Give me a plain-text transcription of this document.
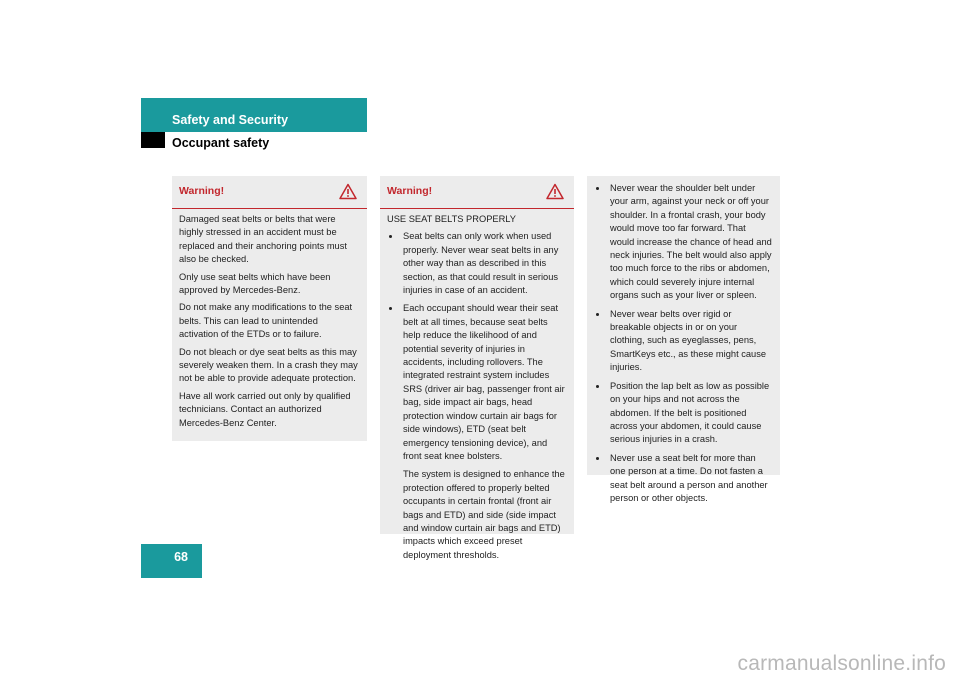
Safety and Security
Occupant safety
68
Warning!

Damaged seat belts or belts that were highly stressed in an accident must be replaced and their anchoring points must also be checked.

Only use seat belts which have been approved by Mercedes-Benz.

Do not make any modifications to the seat belts. This can lead to unintended activation of the ETDs or to failure.

Do not bleach or dye seat belts as this may severely weaken them. In a crash they may not be able to provide adequate protection.

Have all work carried out only by qualified technicians. Contact an authorized Mercedes-Benz Center.

Warning!

USE SEAT BELTS PROPERLY

Seat belts can only work when used properly. Never wear seat belts in any other way than as described in this section, as that could result in serious injuries in case of an accident.
Each occupant should wear their seat belt at all times, because seat belts help reduce the likelihood of and potential severity of injuries in accidents, including rollovers. The integrated restraint system includes SRS (driver air bag, passenger front air bag, side impact air bags, head protection window curtain air bags for side windows), ETD (seat belt emergency tensioning device), and front seat knee bolsters.

The system is designed to enhance the protection offered to properly belted occupants in certain frontal (front air bags and ETD) and side (side impact and window curtain air bags and ETD) impacts which exceed preset deployment thresholds.

Never wear the shoulder belt under your arm, against your neck or off your shoulder. In a frontal crash, your body would move too far forward. That would increase the chance of head and neck injuries. The belt would also apply too much force to the ribs or abdomen, which could severely injure internal organs such as your liver or spleen.
Never wear belts over rigid or breakable objects in or on your clothing, such as eyeglasses, pens, SmartKeys etc., as these might cause injuries.
Position the lap belt as low as possible on your hips and not across the abdomen. If the belt is positioned across your abdomen, it could cause serious injuries in a crash.
Never use a seat belt for more than one person at a time. Do not fasten a seat belt around a person and another person or other objects.
carmanualsonline.info
